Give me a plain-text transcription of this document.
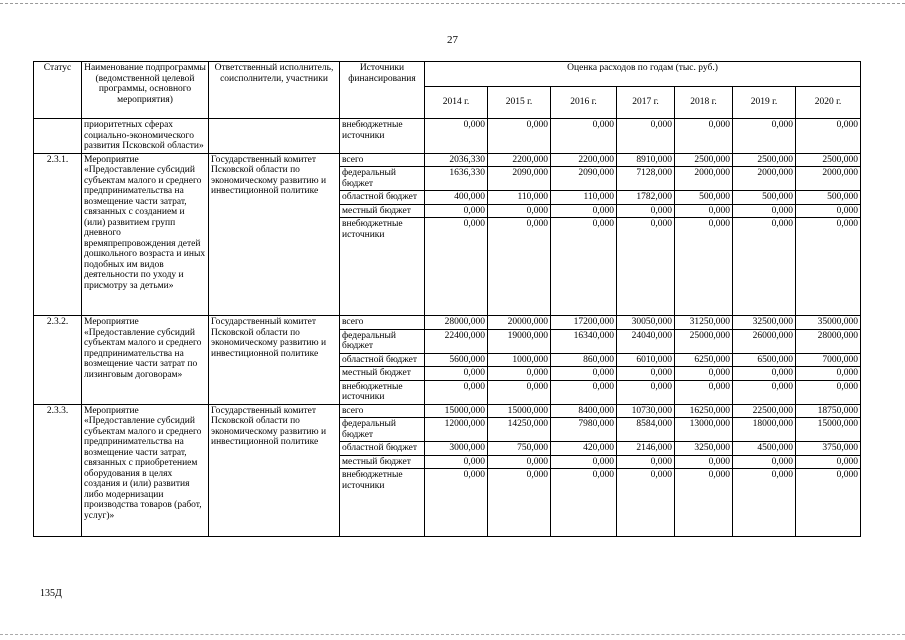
27
Статус	Наименование подпрограммы (ведомственной целевой программы, основного мероприятия)	Ответственный исполнитель, соисполнители, участники	Источники финансирования	Оценка расходов по годам (тыс. руб.)						
				2014 г.	2015 г.	2016 г.	2017 г.	2018 г.	2019 г.	2020 г.
	приоритетных сферах социально-экономического развития Псковской области»		внебюджетные источники	0,000	0,000	0,000	0,000	0,000	0,000	0,000
2.3.1.	Мероприятие «Предоставление субсидий субъектам малого и среднего предпринимательства на возмещение части затрат, связанных с созданием и (или) развитием групп дневного времяпрепровождения детей дошкольного возраста и иных подобных им видов деятельности по уходу и присмотру за детьми»	Государственный комитет Псковской области по экономическому развитию и инвестиционной политике	всего	2036,330	2200,000	2200,000	8910,000	2500,000	2500,000	2500,000
			федеральный бюджет	1636,330	2090,000	2090,000	7128,000	2000,000	2000,000	2000,000
			областной бюджет	400,000	110,000	110,000	1782,000	500,000	500,000	500,000
			местный бюджет	0,000	0,000	0,000	0,000	0,000	0,000	0,000
			внебюджетные источники	0,000	0,000	0,000	0,000	0,000	0,000	0,000
2.3.2.	Мероприятие «Предоставление субсидий субъектам малого и среднего предпринимательства на возмещение части затрат по лизинговым договорам»	Государственный комитет Псковской области по экономическому развитию и инвестиционной политике	всего	28000,000	20000,000	17200,000	30050,000	31250,000	32500,000	35000,000
			федеральный бюджет	22400,000	19000,000	16340,000	24040,000	25000,000	26000,000	28000,000
			областной бюджет	5600,000	1000,000	860,000	6010,000	6250,000	6500,000	7000,000
			местный бюджет	0,000	0,000	0,000	0,000	0,000	0,000	0,000
			внебюджетные источники	0,000	0,000	0,000	0,000	0,000	0,000	0,000
2.3.3.	Мероприятие «Предоставление субсидий субъектам малого и среднего предпринимательства на возмещение части затрат, связанных с приобретением оборудования в целях создания и (или) развития либо модернизации производства товаров (работ, услуг)»	Государственный комитет Псковской области по экономическому развитию и инвестиционной политике	всего	15000,000	15000,000	8400,000	10730,000	16250,000	22500,000	18750,000
			федеральный бюджет	12000,000	14250,000	7980,000	8584,000	13000,000	18000,000	15000,000
			областной бюджет	3000,000	750,000	420,000	2146,000	3250,000	4500,000	3750,000
			местный бюджет	0,000	0,000	0,000	0,000	0,000	0,000	0,000
			внебюджетные источники	0,000	0,000	0,000	0,000	0,000	0,000	0,000
135Д
